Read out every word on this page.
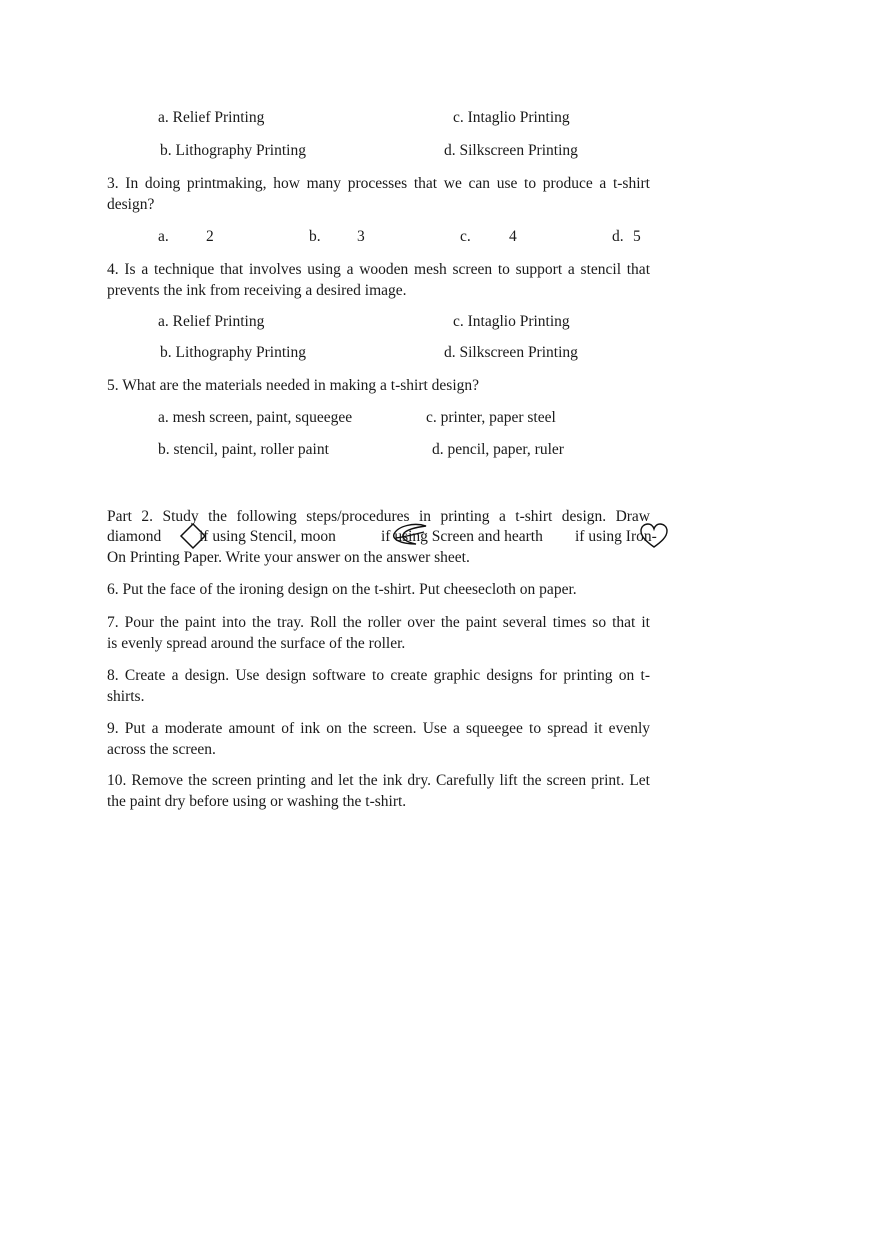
a. Relief Printing	c. Intaglio Printing
b. Lithography Printing	d. Silkscreen Printing
3. In doing printmaking, how many processes that we can use to produce a t-shirt
design?
a. 2	b. 3	c. 4	d. 5
4. Is a technique that involves using a wooden mesh screen to support a stencil that
prevents the ink from receiving a desired image.
a. Relief Printing	c. Intaglio Printing
b. Lithography Printing	d. Silkscreen Printing
5. What are the materials needed in making a t-shirt design?
a. mesh screen, paint, squeegee	c. printer, paper steel
b. stencil, paint, roller paint	d. pencil, paper, ruler
Part 2. Study the following steps/procedures in printing a t-shirt design. Draw
diamond if using Stencil, moon	if using Screen and hearth if using Iron-
On Printing Paper. Write your answer on the answer sheet.
6. Put the face of the ironing design on the t-shirt. Put cheesecloth on paper.
7. Pour the paint into the tray. Roll the roller over the paint several times so that it
is evenly spread around the surface of the roller.
8. Create a design. Use design software to create graphic designs for printing on t-
shirts.
9. Put a moderate amount of ink on the screen. Use a squeegee to spread it evenly
across the screen.
10. Remove the screen printing and let the ink dry. Carefully lift the screen print. Let
the paint dry before using or washing the t-shirt.
